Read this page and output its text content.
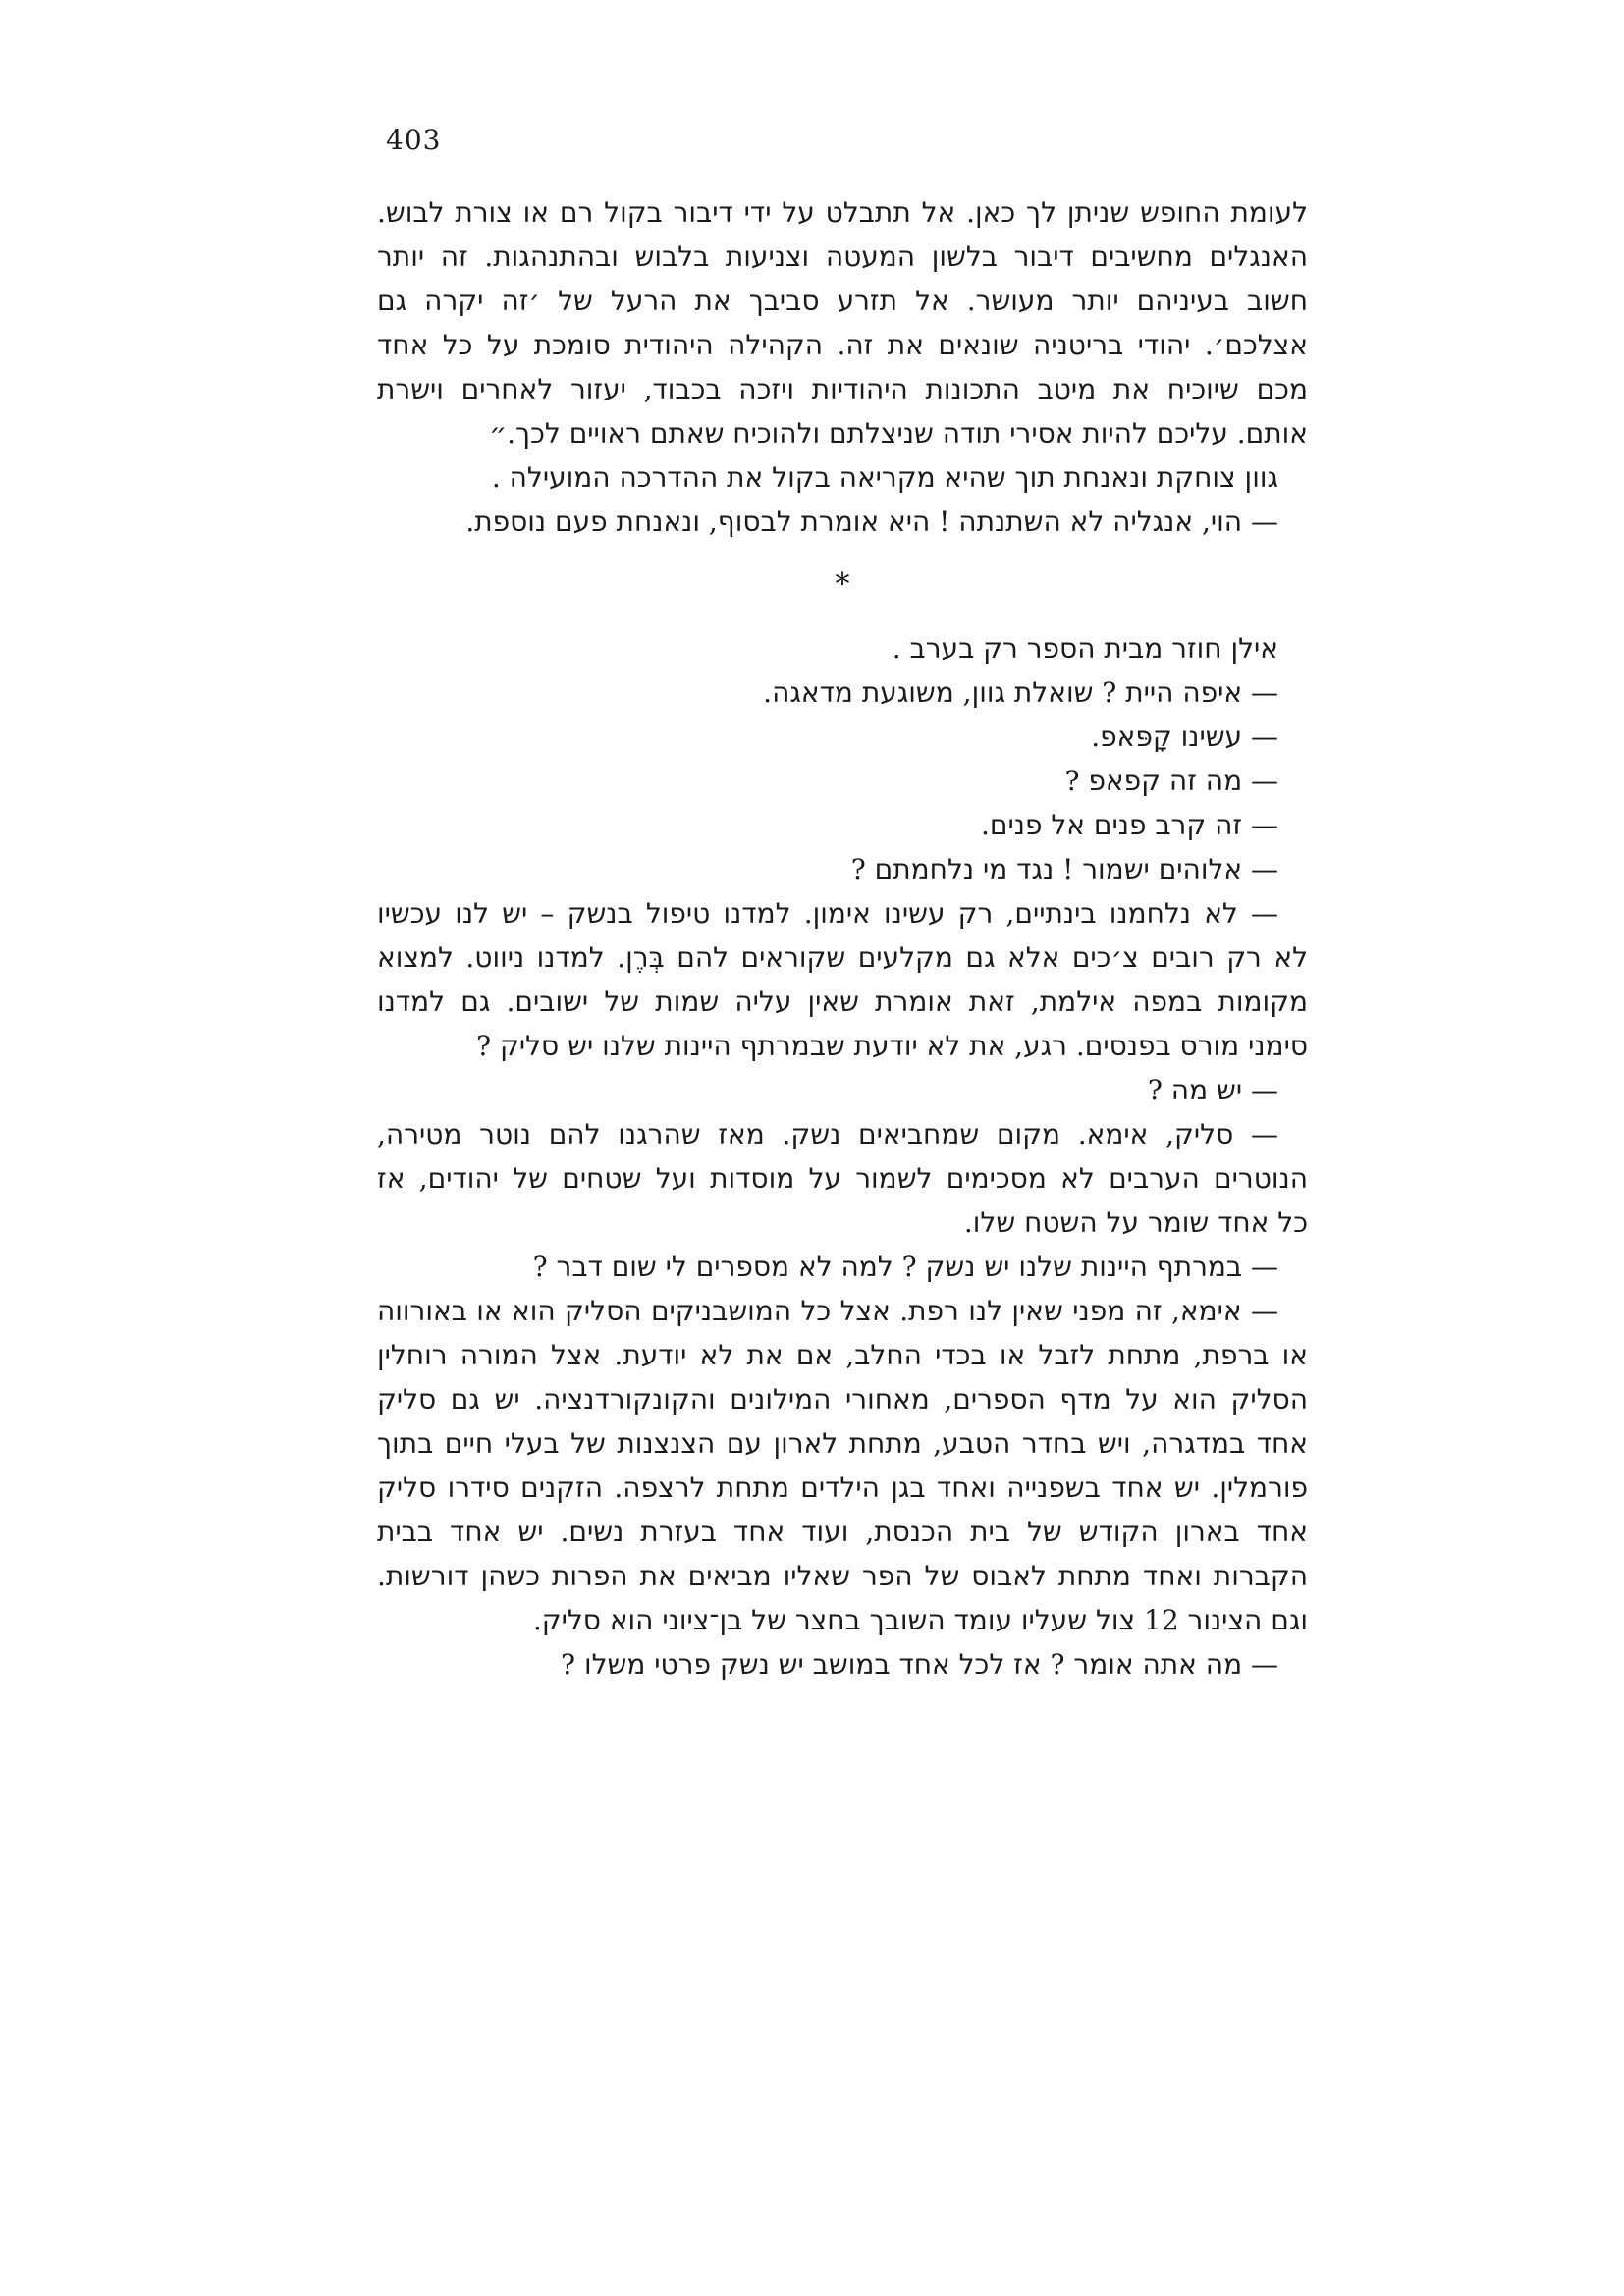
403
לעומת החופש שניתן לך כאן. אל תתבלט על ידי דיבור בקול רם או צורת לבוש.
האנגלים מחשיבים דיבור בלשון המעטה וצניעות בלבוש ובהתנהגות. זה יותר
חשוב בעיניהם יותר מעושר. אל תזרע סביבך את הרעל של ׳זה יקרה גם
אצלכם׳. יהודי בריטניה שונאים את זה. הקהילה היהודית סומכת על כל אחד
מכם שיוכיח את מיטב התכונות היהודיות ויזכה בכבוד, יעזור לאחרים וישרת
אותם. עליכם להיות אסירי תודה שניצלתם ולהוכיח שאתם ראויים לכך.״
גוון צוחקת ונאנחת תוך שהיא מקריאה בקול את ההדרכה המועילה .
— הוי, אנגליה לא השתנתה ! היא אומרת לבסוף, ונאנחת פעם נוספת.
*
אילן חוזר מבית הספר רק בערב .
— איפה היית ? שואלת גוון, משוגעת מדאגה.
— עשינו קָפּאפ.
— מה זה קפאפ ?
— זה קרב פנים אל פנים.
— אלוהים ישמור ! נגד מי נלחמתם ?
— לא נלחמנו בינתיים, רק עשינו אימון. למדנו טיפול בנשק – יש לנו עכשיו
לא רק רובים צ׳כים אלא גם מקלעים שקוראים להם בְּרֶן. למדנו ניווט. למצוא
מקומות במפה אילמת, זאת אומרת שאין עליה שמות של ישובים. גם למדנו
סימני מורס בפנסים. רגע, את לא יודעת שבמרתף היינות שלנו יש סליק ?
— יש מה ?
— סליק, אימא. מקום שמחביאים נשק. מאז שהרגנו להם נוטר מטירה,
הנוטרים הערבים לא מסכימים לשמור על מוסדות ועל שטחים של יהודים, אז
כל אחד שומר על השטח שלו.
— במרתף היינות שלנו יש נשק ? למה לא מספרים לי שום דבר ?
— אימא, זה מפני שאין לנו רפת. אצל כל המושבניקים הסליק הוא או באורווה
או ברפת, מתחת לזבל או בכדי החלב, אם את לא יודעת. אצל המורה רוחלין
הסליק הוא על מדף הספרים, מאחורי המילונים והקונקורדנציה. יש גם סליק
אחד במדגרה, ויש בחדר הטבע, מתחת לארון עם הצנצנות של בעלי חיים בתוך
פורמלין. יש אחד בשפנייה ואחד בגן הילדים מתחת לרצפה. הזקנים סידרו סליק
אחד בארון הקודש של בית הכנסת, ועוד אחד בעזרת נשים. יש אחד בבית
הקברות ואחד מתחת לאבוס של הפר שאליו מביאים את הפרות כשהן דורשות.
וגם הצינור 12 צול שעליו עומד השובך בחצר של בן־ציוני הוא סליק.
— מה אתה אומר ? אז לכל אחד במושב יש נשק פרטי משלו ?
